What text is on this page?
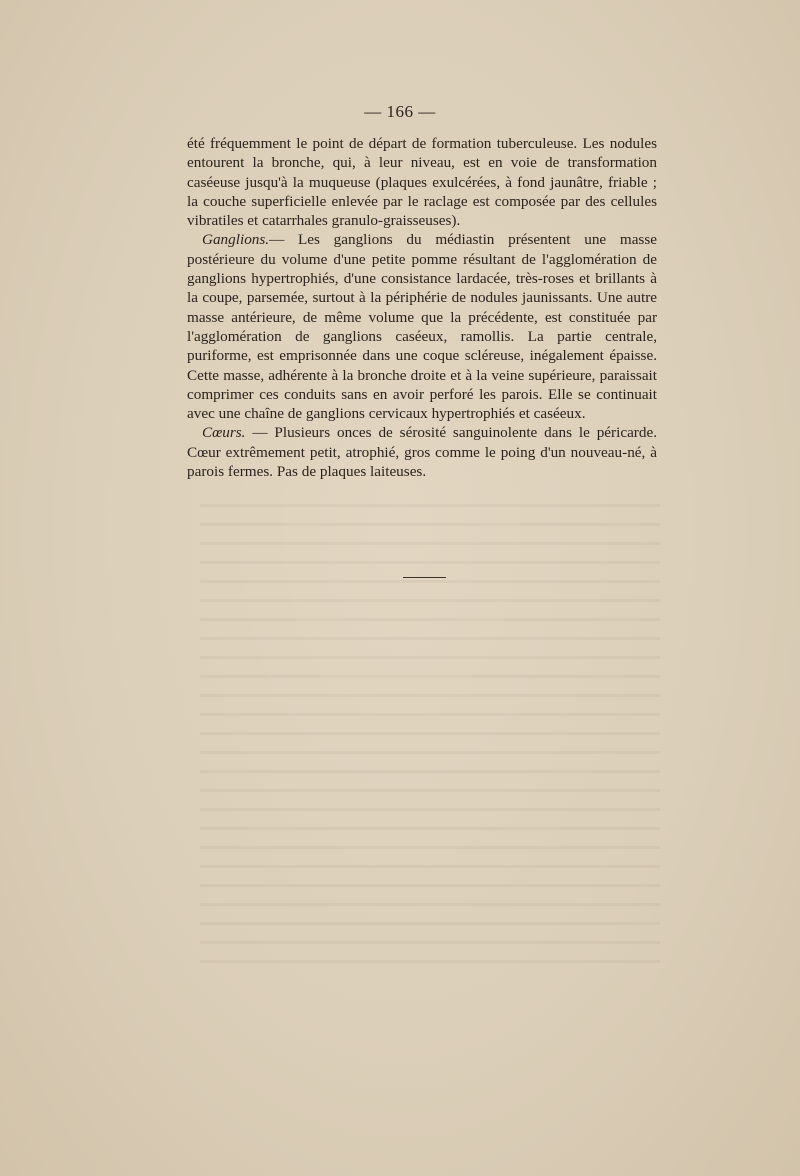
— 166 —

été fréquemment le point de départ de formation tuberculeuse. Les nodules entourent la bronche, qui, à leur niveau, est en voie de transformation caséeuse jusqu'à la muqueuse (plaques exulcérées, à fond jaunâtre, friable ; la couche superficielle enlevée par le raclage est composée par des cellules vibratiles et catarrhales granulo-graisseuses).

Ganglions.— Les ganglions du médiastin présentent une masse postérieure du volume d'une petite pomme résultant de l'agglomération de ganglions hypertrophiés, d'une consistance lardacée, très-roses et brillants à la coupe, parsemée, surtout à la périphérie de nodules jaunissants. Une autre masse antérieure, de même volume que la précédente, est constituée par l'agglomération de ganglions caséeux, ramollis. La partie centrale, puriforme, est emprisonnée dans une coque scléreuse, inégalement épaisse. Cette masse, adhérente à la bronche droite et à la veine supérieure, paraissait comprimer ces conduits sans en avoir perforé les parois. Elle se continuait avec une chaîne de ganglions cervicaux hypertrophiés et caséeux.

Cœurs. — Plusieurs onces de sérosité sanguinolente dans le péricarde. Cœur extrêmement petit, atrophié, gros comme le poing d'un nouveau-né, à parois fermes. Pas de plaques laiteuses.
